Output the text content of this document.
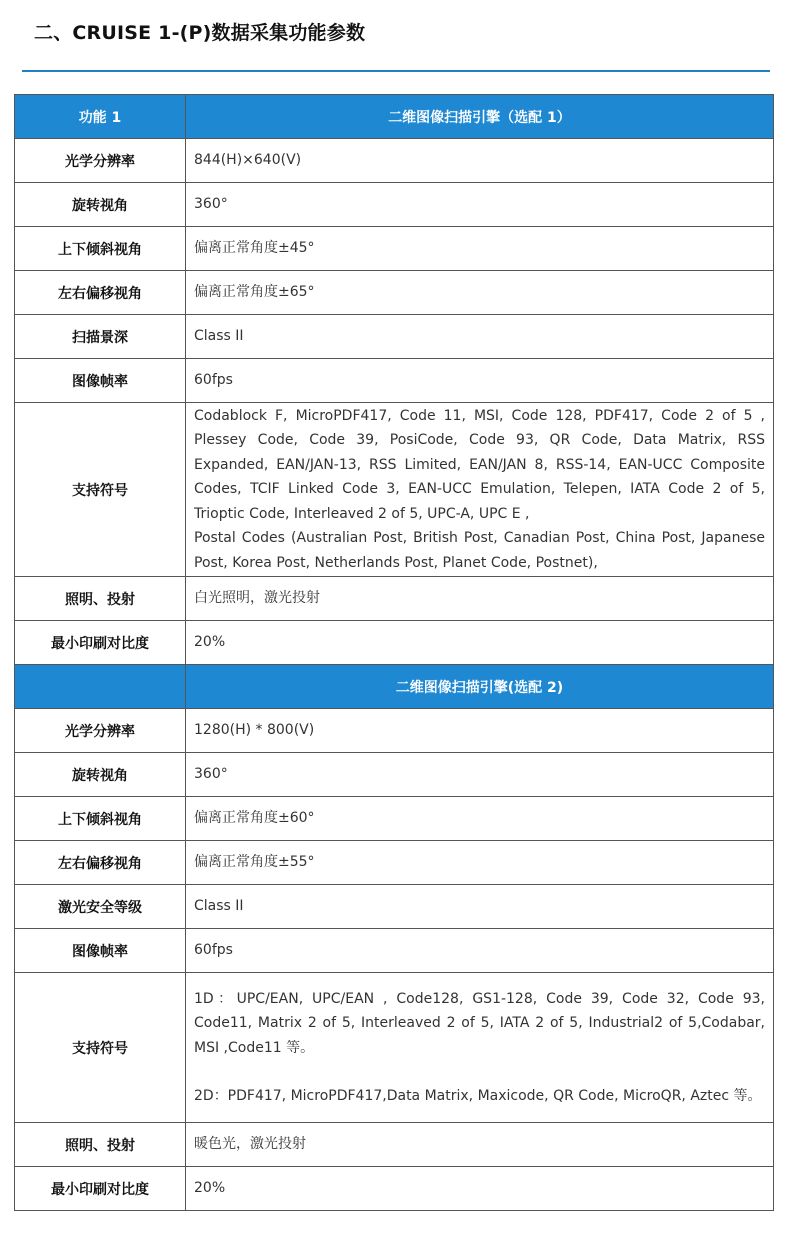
二、CRUISE 1-(P)数据采集功能参数
功能 1	二维图像扫描引擎（选配 1）
光学分辨率	844(H)×640(V)
旋转视角	360°
上下倾斜视角	偏离正常角度±45°
左右偏移视角	偏离正常角度±65°
扫描景深	Class II
图像帧率	60fps
支持符号	Codablock F, MicroPDF417, Code 11, MSI, Code 128, PDF417, Code 2 of 5 , Plessey Code, Code 39, PosiCode, Code 93, QR Code, Data Matrix, RSS Expanded, EAN/JAN-13, RSS Limited, EAN/JAN 8, RSS-14, EAN-UCC Composite Codes, TCIF Linked Code 3, EAN-UCC Emulation, Telepen, IATA Code 2 of 5, Trioptic Code, Interleaved 2 of 5, UPC-A, UPC E ,
Postal Codes (Australian Post, British Post, Canadian Post, China Post, Japanese Post, Korea Post, Netherlands Post, Planet Code, Postnet),

照明、投射	白光照明，激光投射
最小印刷对比度	20%
	二维图像扫描引擎(选配 2)
光学分辨率	1280(H) * 800(V)
旋转视角	360°
上下倾斜视角	偏离正常角度±60°
左右偏移视角	偏离正常角度±55°
激光安全等级	Class II
图像帧率	60fps
支持符号	1D：UPC/EAN, UPC/EAN , Code128, GS1-128, Code 39, Code 32, Code 93, Code11, Matrix 2 of 5, Interleaved 2 of 5, IATA 2 of 5, Industrial2 of 5,Codabar, MSI ,Code11 等。
2D：PDF417, MicroPDF417,Data Matrix, Maxicode, QR Code, MicroQR, Aztec 等。

照明、投射	暖色光，激光投射
最小印刷对比度	20%
